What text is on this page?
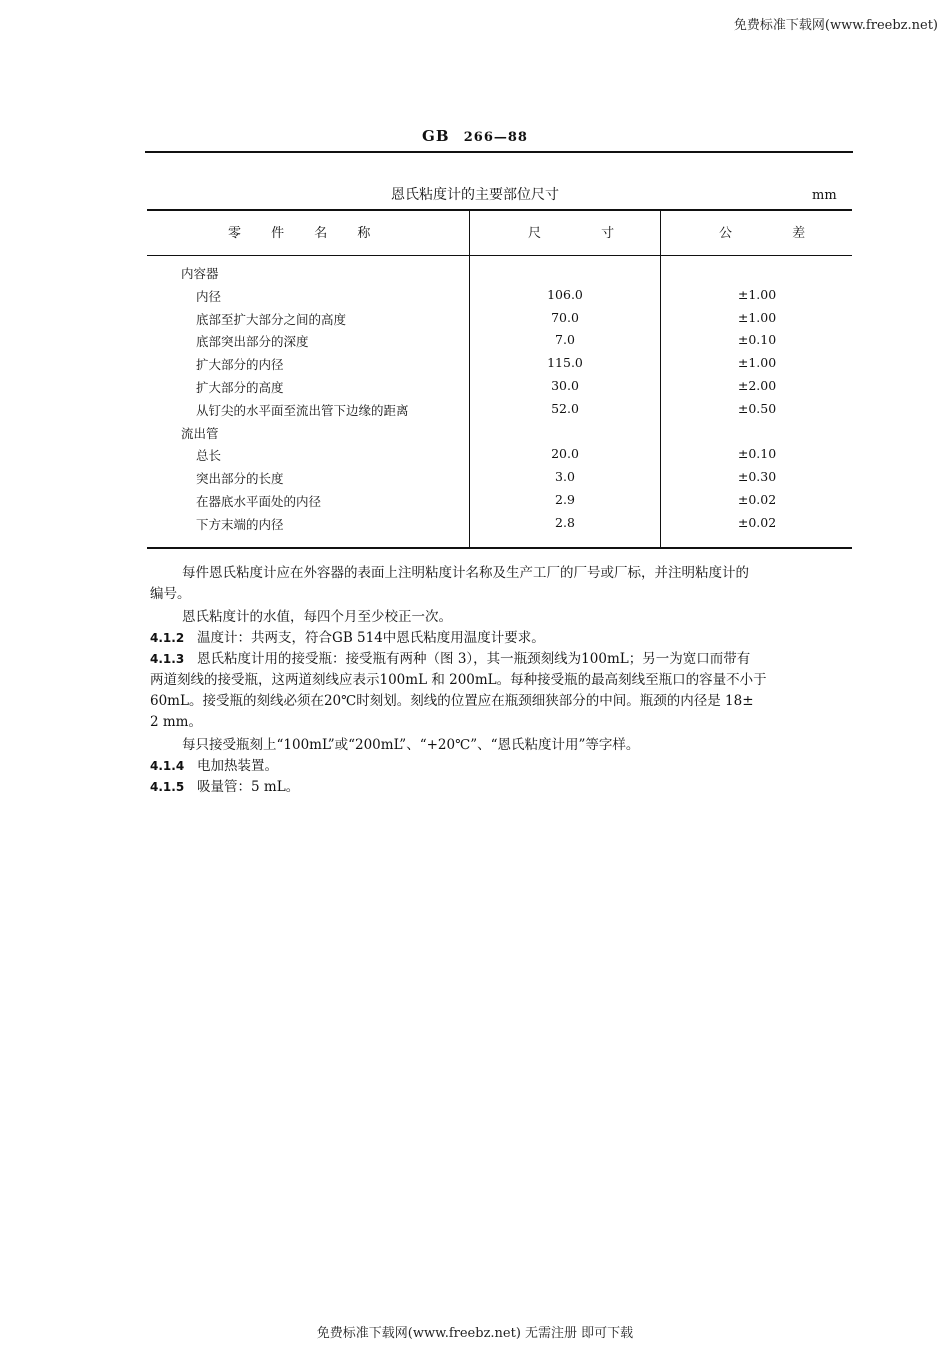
免费标准下载网(www.freebz.net)
GB 266—88
恩氏粘度计的主要部位尺寸	mm
零 件 名 称	尺 寸	公 差
内容器
内径	106.0	±1.00
底部至扩大部分之间的高度	70.0	±1.00
底部突出部分的深度	7.0	±0.10
扩大部分的内径	115.0	±1.00
扩大部分的高度	30.0	±2.00
从钉尖的水平面至流出管下边缘的距离	52.0	±0.50
流出管
总长	20.0	±0.10
突出部分的长度	3.0	±0.30
在器底水平面处的内径	2.9	±0.02
下方末端的内径	2.8	±0.02
每件恩氏粘度计应在外容器的表面上注明粘度计名称及生产工厂的厂号或厂标，并注明粘度计的
编号。
恩氏粘度计的水值，每四个月至少校正一次。
4.1.2 温度计：共两支，符合GB 514中恩氏粘度用温度计要求。
4.1.3 恩氏粘度计用的接受瓶：接受瓶有两种（图 3），其一瓶颈刻线为100mL；另一为宽口而带有
两道刻线的接受瓶，这两道刻线应表示100mL 和 200mL。每种接受瓶的最高刻线至瓶口的容量不小于
60mL。接受瓶的刻线必须在20℃时刻划。刻线的位置应在瓶颈细狭部分的中间。瓶颈的内径是 18±
2 mm。
每只接受瓶刻上“100mL”或“200mL”、“+20℃”、“恩氏粘度计用”等字样。
4.1.4 电加热装置。
4.1.5 吸量管：5 mL。
免费标准下载网(www.freebz.net) 无需注册 即可下载
